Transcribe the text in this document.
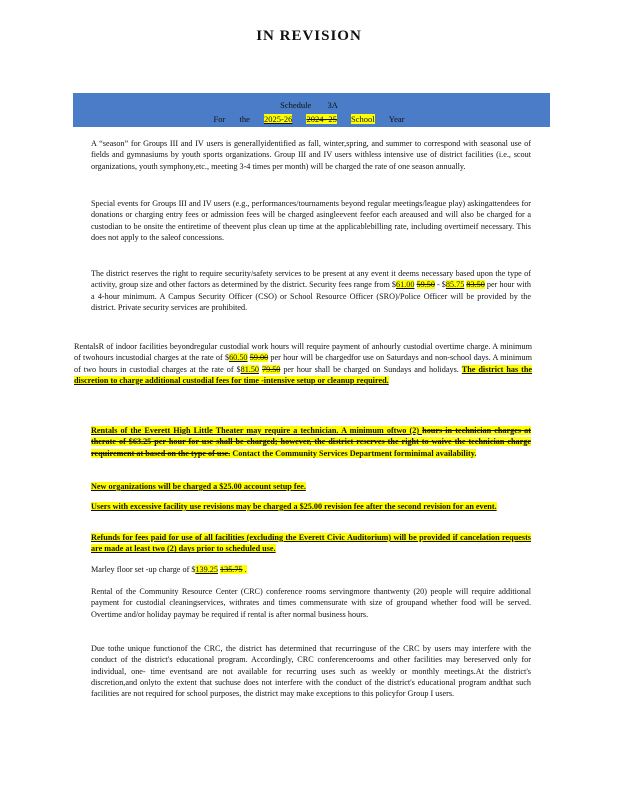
IN REVISION
Schedule 3A
For the 2025-26 2024- 25 School Year
A “season” for Groups III and IV users is generallyidentified as fall, winter,spring, and summer to correspond with seasonal use of fields and gymnasiums by youth sports organizations. Group III and IV users withless intensive use of district facilities (i.e., scout organizations, youth symphony,etc., meeting 3-4 times per month) will be charged the rate of one season annually.
Special events for Groups III and IV users (e.g., performances/tournaments beyond regular meetings/league play) askingattendees for donations or charging entry fees or admission fees will be charged asingleevent feefor each areaused and will also be charged for a custodian to be onsite the entiretime of theevent plus clean up time at the applicablebilling rate, including overtimeif necessary. This does not apply to the saleof concessions.
The district reserves the right to require security/safety services to be present at any event it deems necessary based upon the type of activity, group size and other factors as determined by the district. Security fees range from $61.00 59.50 - $85.75 83.50 per hour with a 4-hour minimum. A Campus Security Officer (CSO) or School Resource Officer (SRO)/Police Officer will be provided by the district. Private security services are prohibited.
RentalsR of indoor facilities beyondregular custodial work hours will require payment of anhourly custodial overtime charge. A minimum of twohours incustodial charges at the rate of $60.50 59.00 per hour will be chargedfor use on Saturdays and non-school days. A minimum of two hours in custodial charges at the rate of $81.50 79.50 per hour shall be charged on Sundays and holidays. The district has the discretion to charge additional custodial fees for time -intensive setup or cleanup required.
Rentals of the Everett High Little Theater may require a technician. A minimum oftwo (2) hours in technician charges at therate of $63.25 per hour for use shall be charged; however, the district reserves the right to waive the technician charge requirement at based on the type of use. Contact the Community Services Department forminimal availability.
New organizations will be charged a $25.00 account setup fee.
Users with excessive facility use revisions may be charged a $25.00 revision fee after the second revision for an event.
Refunds for fees paid for use of all facilities (excluding the Everett Civic Auditorium) will be provided if cancelation requests are made at least two (2) days prior to scheduled use.
Marley floor set -up charge of $139.25 135.75 .
Rental of the Community Resource Center (CRC) conference rooms servingmore thantwenty (20) people will require additional payment for custodial cleaningservices, withrates and times commensurate with size of groupand whether food will be served. Overtime and/or holiday paymay be required if rental is after normal business hours.
Due tothe unique functionof the CRC, the district has determined that recurringuse of the CRC by users may interfere with the conduct of the district's educational program. Accordingly, CRC conferencerooms and other facilities may bereserved only for individual, one- time eventsand are not available for recurring uses such as weekly or monthly meetings.At the district's discretion,and onlyto the extent that suchuse does not interfere with the conduct of the district's educational program andthat such facilities are not required for school purposes, the district may make exceptions to this policyfor Group I users.
